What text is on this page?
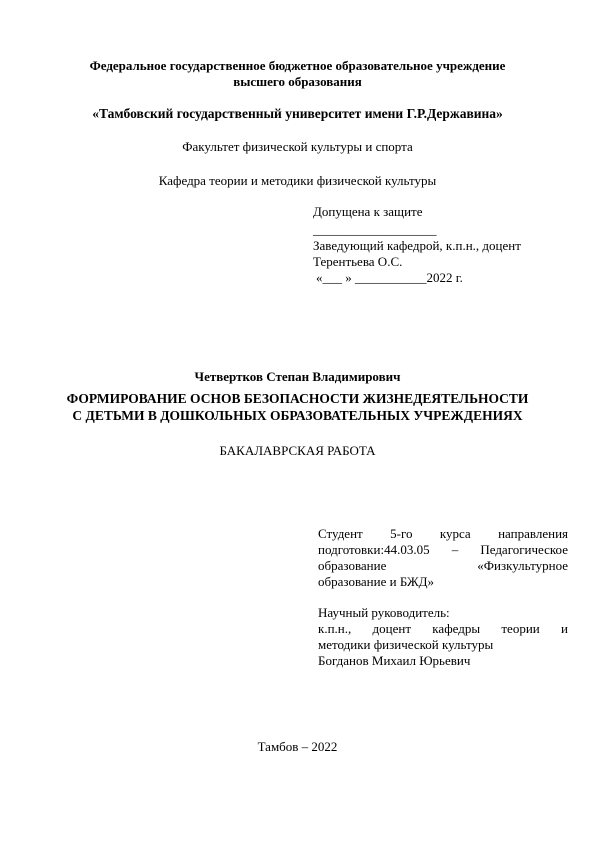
Федеральное государственное бюджетное образовательное учреждение
высшего образования
«Тамбовский государственный университет имени Г.Р.Державина»
Факультет физической культуры и спорта
Кафедра теории и методики физической культуры
Допущена к защите
___________________
Заведующий кафедрой, к.п.н., доцент
Терентьева О.С.
«___ » ___________2022 г.
Четвертков Степан Владимирович
ФОРМИРОВАНИЕ ОСНОВ БЕЗОПАСНОСТИ ЖИЗНЕДЕЯТЕЛЬНОСТИ
С ДЕТЬМИ В ДОШКОЛЬНЫХ ОБРАЗОВАТЕЛЬНЫХ УЧРЕЖДЕНИЯХ
БАКАЛАВРСКАЯ РАБОТА
Студент 5-го курса направления
подготовки:44.03.05 – Педагогическое
образование «Физкультурное
образование и БЖД»
Научный руководитель:
к.п.н., доцент кафедры теории и
методики физической культуры
Богданов Михаил Юрьевич
Тамбов – 2022
